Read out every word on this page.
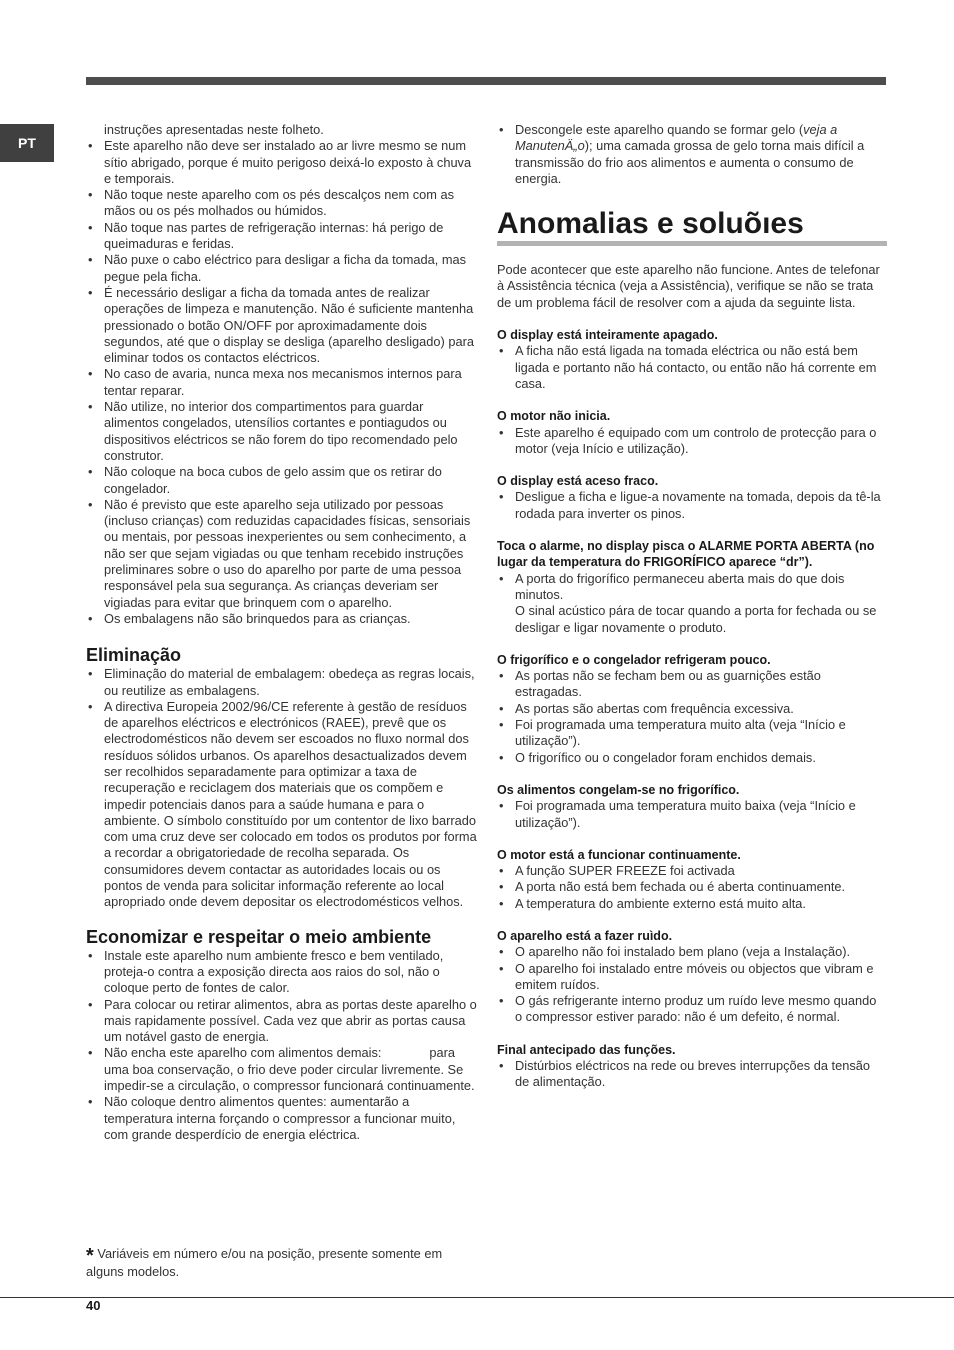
PT
instruções apresentadas neste folheto.
• Este aparelho não deve ser instalado ao ar livre mesmo se num sítio abrigado, porque é muito perigoso deixá-lo exposto à chuva e temporais.
• Não toque neste aparelho com os pés descalços nem com as mãos ou os pés molhados ou húmidos.
• Não toque nas partes de refrigeração internas: há perigo de queimaduras e feridas.
• Não puxe o cabo eléctrico para desligar a ficha da tomada, mas pegue pela ficha.
• É necessário desligar a ficha da tomada antes de realizar operações de limpeza e manutenção. Não é suficiente mantenha pressionado o botão ON/OFF por aproximadamente dois segundos, até que o display se desliga (aparelho desligado) para eliminar todos os contactos eléctricos.
• No caso de avaria, nunca mexa nos mecanismos internos para tentar reparar.
• Não utilize, no interior dos compartimentos para guardar alimentos congelados, utensílios cortantes e pontiagudos ou dispositivos eléctricos se não forem do tipo recomendado pelo construtor.
• Não coloque na boca cubos de gelo assim que os retirar do congelador.
• Não é previsto que este aparelho seja utilizado por pessoas (incluso crianças) com reduzidas capacidades físicas, sensoriais ou mentais, por pessoas inexperientes ou sem conhecimento, a não ser que sejam vigiadas ou que tenham recebido instruções preliminares sobre o uso do aparelho por parte de uma pessoa responsável pela sua segurança. As crianças deveriam ser vigiadas para evitar que brinquem com o aparelho.
• Os embalagens não são brinquedos para as crianças.
Eliminação
• Eliminação do material de embalagem: obedeça as regras locais, ou reutilize as embalagens.
• A directiva Europeia 2002/96/CE referente à gestão de resíduos de aparelhos eléctricos e electrónicos (RAEE), prevê que os electrodomésticos não devem ser escoados no fluxo normal dos resíduos sólidos urbanos. Os aparelhos desactualizados devem ser recolhidos separadamente para optimizar a taxa de recuperação e reciclagem dos materiais que os compõem e impedir potenciais danos para a saúde humana e para o ambiente. O símbolo constituído por um contentor de lixo barrado com uma cruz deve ser colocado em todos os produtos por forma a recordar a obrigatoriedade de recolha separada. Os consumidores devem contactar as autoridades locais ou os pontos de venda para solicitar informação referente ao local apropriado onde devem depositar os electrodomésticos velhos.
Economizar e respeitar o meio ambiente
• Instale este aparelho num ambiente fresco e bem ventilado, proteja-o contra a exposição directa aos raios do sol, não o coloque perto de fontes de calor.
• Para colocar ou retirar alimentos, abra as portas deste aparelho o mais rapidamente possível. Cada vez que abrir as portas causa um notável gasto de energia.
• Não encha este aparelho com alimentos demais:	para uma boa conservação, o frio deve poder circular livremente. Se impedir-se a circulação, o compressor funcionará continuamente.
• Não coloque dentro alimentos quentes: aumentarão a temperatura interna forçando o compressor a funcionar muito, com grande desperdício de energia eléctrica.
* Variáveis em número e/ou na posição, presente somente em alguns modelos.
• Descongele este aparelho quando se formar gelo (veja a ManutenÄ„o); uma camada grossa de gelo torna mais difícil a transmissão do frio aos alimentos e aumenta o consumo de energia.
Anomalias e soluõıes
Pode acontecer que este aparelho não funcione. Antes de telefonar à Assistência técnica (veja a Assistência), verifique se não se trata de um problema fácil de resolver com a ajuda da seguinte lista.
O display está inteiramente apagado.
• A ficha não está ligada na tomada eléctrica ou não está bem ligada e portanto não há contacto, ou então não há corrente em casa.
O motor não inicia.
• Este aparelho é equipado com um controlo de protecção para o motor (veja Início e utilização).
O display está aceso fraco.
• Desligue a ficha e ligue-a novamente na tomada, depois da tê-la rodada para inverter os pinos.
Toca o alarme, no display pisca o ALARME PORTA ABERTA (no lugar da temperatura do FRIGORÍFICO aparece “dr”).
• A porta do frigorífico permaneceu aberta mais do que dois minutos.
O sinal acústico pára de tocar quando a porta for fechada ou se desligar e ligar novamente o produto.
O frigorífico e o congelador refrigeram pouco.
• As portas não se fecham bem ou as guarnições estão estragadas.
• As portas são abertas com frequência excessiva.
• Foi programada uma temperatura muito alta (veja “Início e utilização”).
• O frigorífico ou o congelador foram enchidos demais.
Os alimentos congelam-se no frigorífico.
• Foi programada uma temperatura muito baixa (veja “Início e utilização”).
O motor está a funcionar continuamente.
• A função SUPER FREEZE foi activada
• A porta não está bem fechada ou é aberta continuamente.
• A temperatura do ambiente externo está muito alta.
O aparelho está a fazer ruìdo.
• O aparelho não foi instalado bem plano (veja a Instalação).
• O aparelho foi instalado entre móveis ou objectos que vibram e emitem ruídos.
• O gás refrigerante interno produz um ruído leve mesmo quando o compressor estiver parado: não é um defeito, é normal.
Final antecipado das funções.
• Distúrbios eléctricos na rede ou breves interrupções da tensão de alimentação.
40
